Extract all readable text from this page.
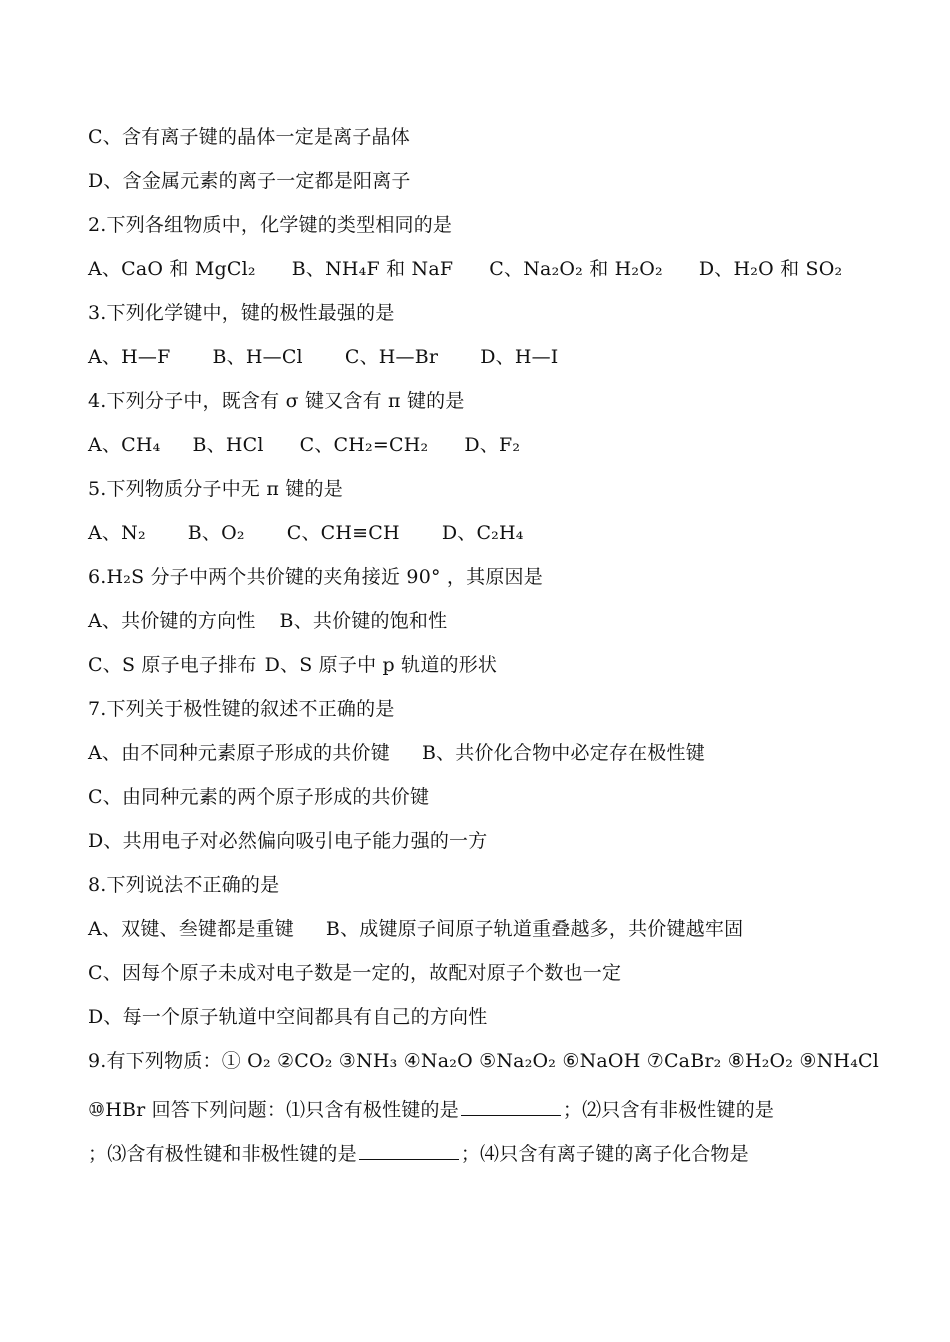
C、含有离子键的晶体一定是离子晶体
D、含金属元素的离子一定都是阳离子
2.下列各组物质中，化学键的类型相同的是
A、CaO 和 MgCl₂ B、NH₄F 和 NaF C、Na₂O₂ 和 H₂O₂ D、H₂O 和 SO₂
3.下列化学键中，键的极性最强的是
A、H—F B、H—Cl C、H—Br D、H—I
4.下列分子中，既含有 σ 键又含有 π 键的是
A、CH₄ B、HCl C、CH₂=CH₂ D、F₂
5.下列物质分子中无 π 键的是
A、N₂ B、O₂ C、CH≡CH D、C₂H₄
6.H₂S 分子中两个共价键的夹角接近 90° ，其原因是
A、共价键的方向性 B、共价键的饱和性
C、S 原子电子排布 D、S 原子中 p 轨道的形状
7.下列关于极性键的叙述不正确的是
A、由不同种元素原子形成的共价键 B、共价化合物中必定存在极性键
C、由同种元素的两个原子形成的共价键
D、共用电子对必然偏向吸引电子能力强的一方
8.下列说法不正确的是
A、双键、叁键都是重键 B、成键原子间原子轨道重叠越多，共价键越牢固
C、因每个原子未成对电子数是一定的，故配对原子个数也一定
D、每一个原子轨道中空间都具有自己的方向性
9.有下列物质：① O₂ ②CO₂ ③NH₃ ④Na₂O ⑤Na₂O₂ ⑥NaOH ⑦CaBr₂ ⑧H₂O₂ ⑨NH₄Cl
⑩HBr 回答下列问题：⑴只含有极性键的是	；⑵只含有非极性键的是
；⑶含有极性键和非极性键的是	；⑷只含有离子键的离子化合物是
